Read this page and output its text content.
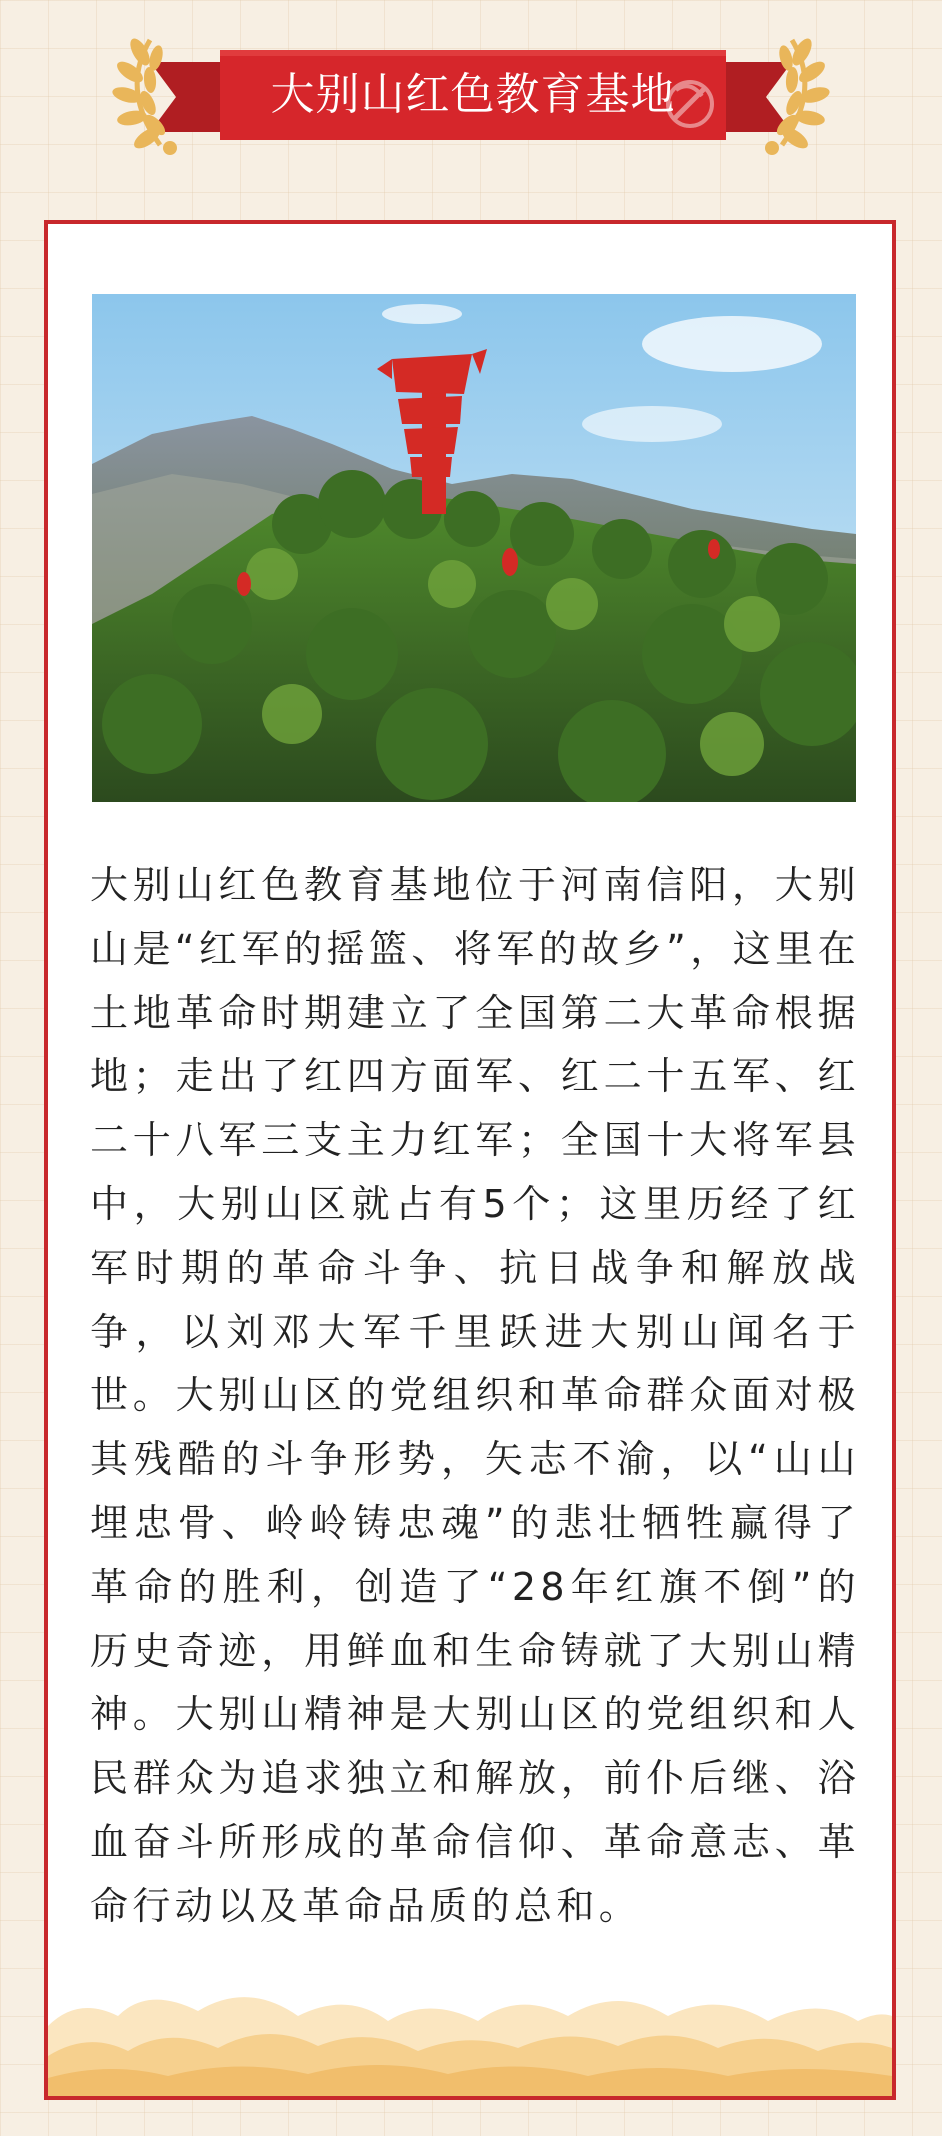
大别山红色教育基地

大别山红色教育基地位于河南信阳，大别山是“红军的摇篮、将军的故乡”，这里在土地革命时期建立了全国第二大革命根据地；走出了红四方面军、红二十五军、红二十八军三支主力红军；全国十大将军县中，大别山区就占有5个；这里历经了红军时期的革命斗争、抗日战争和解放战争，以刘邓大军千里跃进大别山闻名于世。大别山区的党组织和革命群众面对极其残酷的斗争形势，矢志不渝，以“山山埋忠骨、岭岭铸忠魂”的悲壮牺牲赢得了革命的胜利，创造了“28年红旗不倒”的历史奇迹，用鲜血和生命铸就了大别山精神。大别山精神是大别山区的党组织和人民群众为追求独立和解放，前仆后继、浴血奋斗所形成的革命信仰、革命意志、革命行动以及革命品质的总和。
